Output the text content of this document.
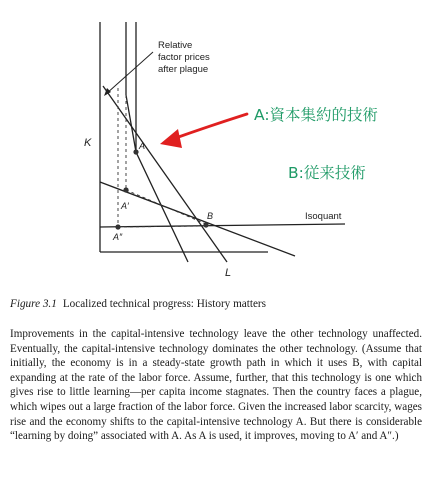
K
L
Relative
factor prices
after plague
A
A′
A″
B	Isoquant
A:資本集約的技術
B:従来技術
Figure 3.1 Localized technical progress: History matters

Improvements in the capital-intensive technology leave the other technology unaffected. Eventually, the capital-intensive technology dominates the other technology. (Assume that initially, the economy is in a steady-state growth path in which it uses B, with capital expanding at the rate of the labor force. Assume, further, that this technology is one which gives rise to little learning—per capita income stagnates. Then the country faces a plague, which wipes out a large fraction of the labor force. Given the increased labor scarcity, wages rise and the economy shifts to the capital-intensive technology A. But there is considerable “learning by doing” associated with A. As A is used, it improves, moving to A′ and A″.)
